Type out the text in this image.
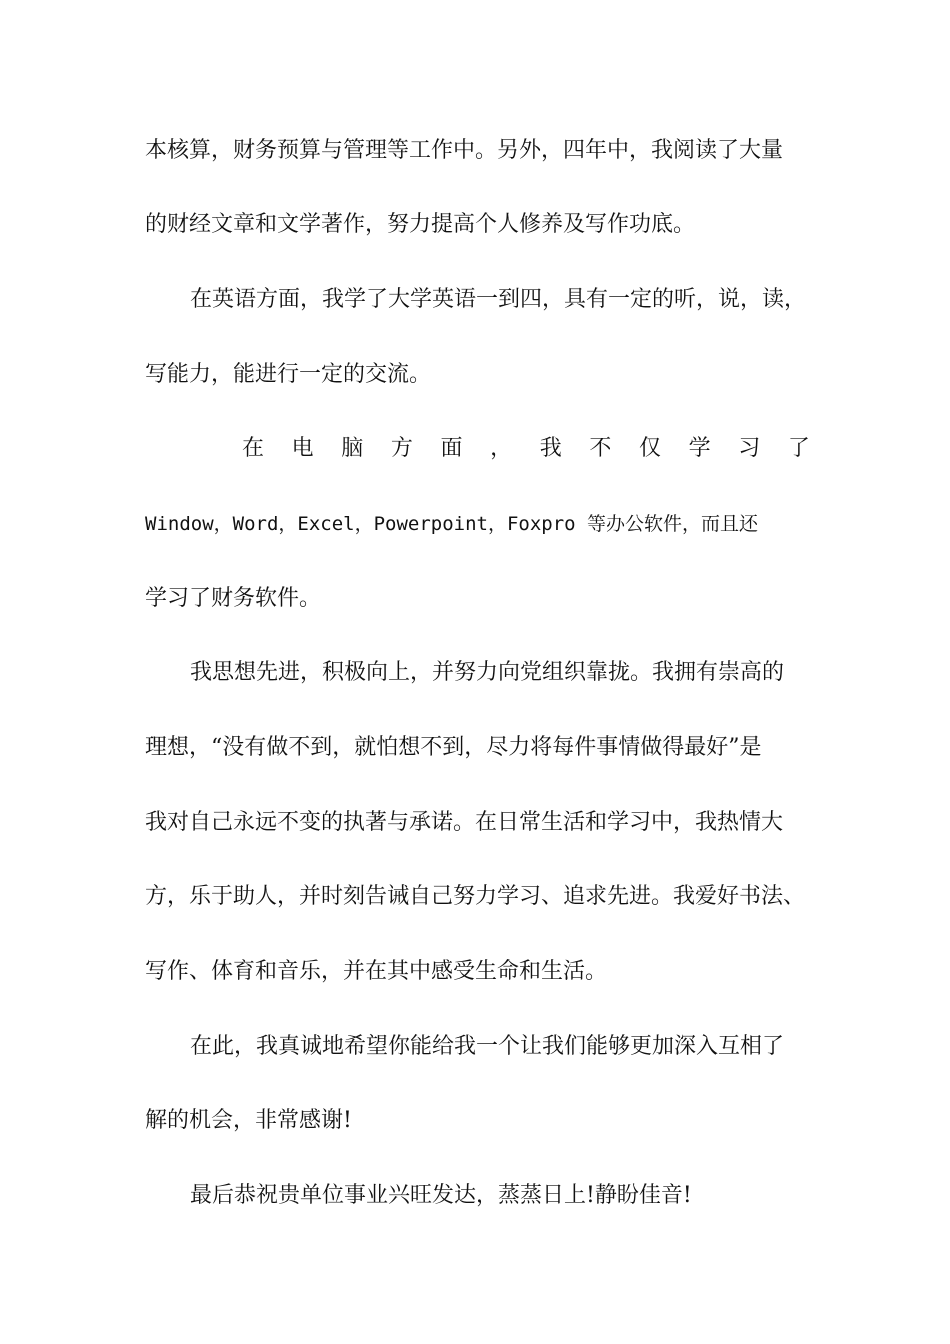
本核算，财务预算与管理等工作中。另外，四年中，我阅读了大量
的财经文章和文学著作，努力提高个人修养及写作功底。
在英语方面，我学了大学英语一到四，具有一定的听，说，读，
写能力，能进行一定的交流。
在 电 脑 方 面 ， 我 不 仅 学 习 了
Window，Word，Excel，Powerpoint，Foxpro 等办公软件，而且还
学习了财务软件。
我思想先进，积极向上，并努力向党组织靠拢。我拥有崇高的
理想，“没有做不到，就怕想不到，尽力将每件事情做得最好”是
我对自己永远不变的执著与承诺。在日常生活和学习中，我热情大
方，乐于助人，并时刻告诫自己努力学习、追求先进。我爱好书法、
写作、体育和音乐，并在其中感受生命和生活。
在此，我真诚地希望你能给我一个让我们能够更加深入互相了
解的机会，非常感谢!
最后恭祝贵单位事业兴旺发达，蒸蒸日上!静盼佳音!
